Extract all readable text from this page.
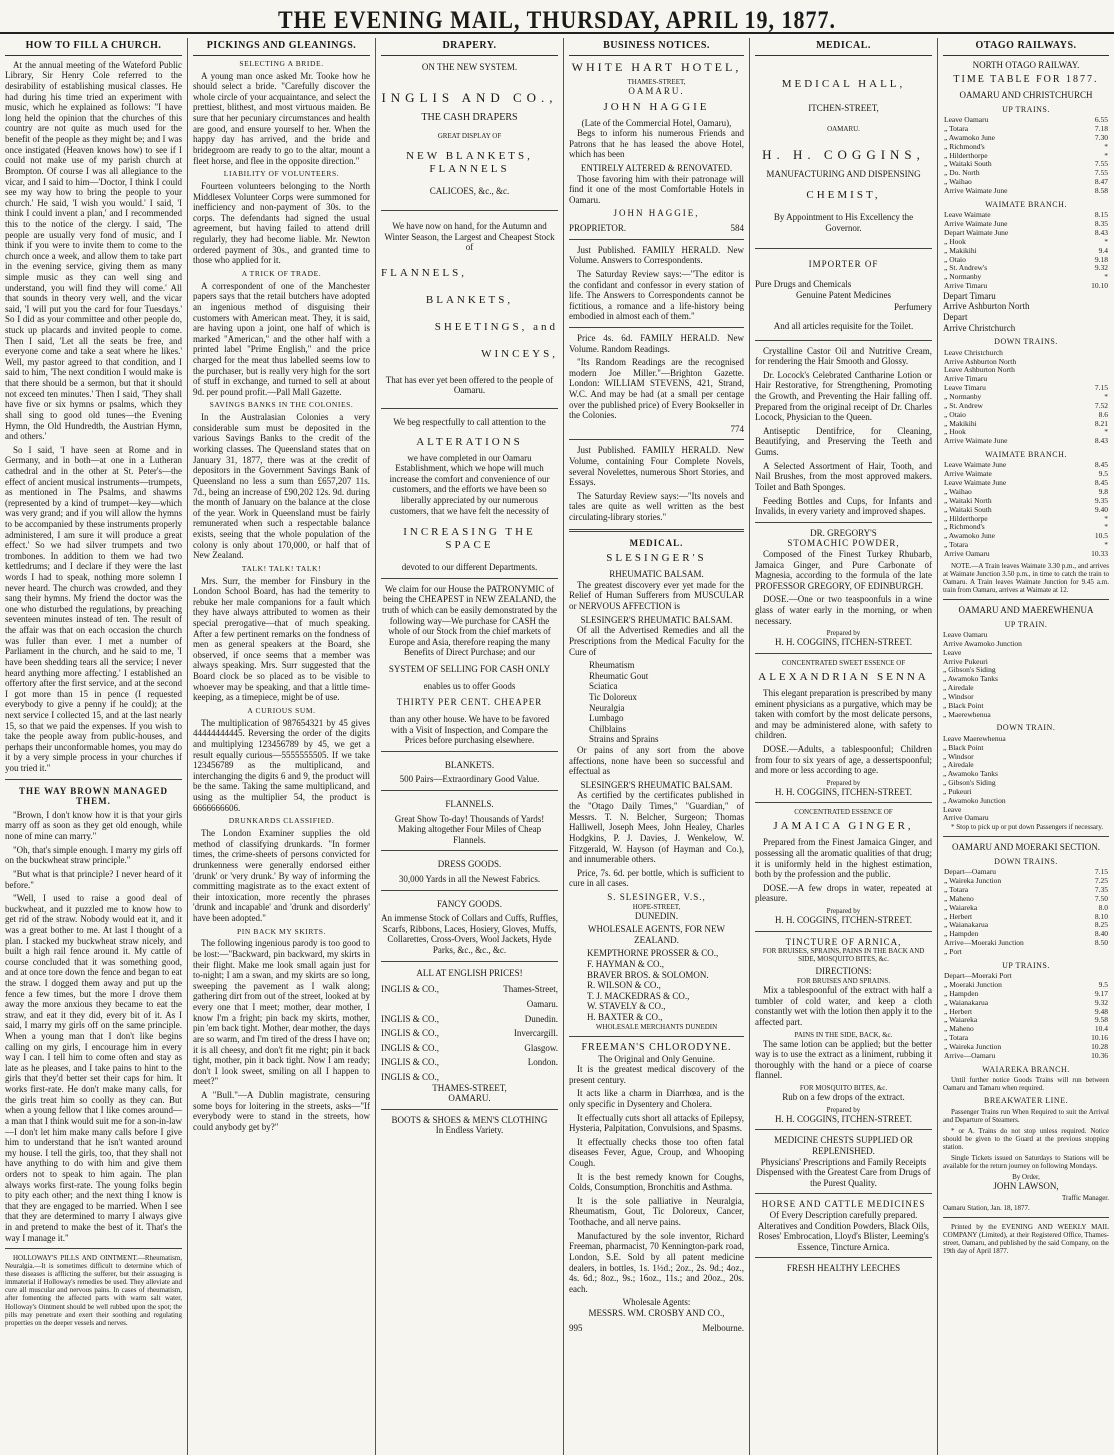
THE EVENING MAIL, THURSDAY, APRIL 19, 1877.
HOW TO FILL A CHURCH.

At the annual meeting of the Wateford Public Library, Sir Henry Cole referred to the desirability of establishing musical classes. He had during his time tried an experiment with music, which he explained as follows: "I have long held the opinion that the churches of this country are not quite as much used for the benefit of the people as they might be; and I was once instigated (Heaven knows how) to see if I could not make use of my parish church at Brompton. Of course I was all allegiance to the vicar, and I said to him—'Doctor, I think I could see my way how to bring the people to your church.' He said, 'I wish you would.' I said, 'I think I could invent a plan,' and I recommended this to the notice of the clergy. I said, 'The people are usually very fond of music, and I think if you were to invite them to come to the church once a week, and allow them to take part in the evening service, giving them as many simple music as they can well sing and understand, you will find they will come.' All that sounds in theory very well, and the vicar said, 'I will put you the card for four Tuesdays.' So I did as your committee and other people do, stuck up placards and invited people to come. Then I said, 'Let all the seats be free, and everyone come and take a seat where he likes.' Well, my pastor agreed to that condition, and I said to him, 'The next condition I would make is that there should be a sermon, but that it should not exceed ten minutes.' Then I said, 'They shall have five or six hymns or psalms, which they shall sing to good old tunes—the Evening Hymn, the Old Hundredth, the Austrian Hymn, and others.'

So I said, 'I have seen at Rome and in Germany, and in both—at one in a Lutheran cathedral and in the other at St. Peter's—the effect of ancient musical instruments—trumpets, as mentioned in The Psalms, and shawms (represented by a kind of trumpet—key—which was very grand; and if you will allow the hymns to be accompanied by these instruments properly administered, I am sure it will produce a great effect.' So we had silver trumpets and two trombones. In addition to them we had two kettledrums; and I declare if they were the last words I had to speak, nothing more solemn I never heard. The church was crowded, and they sang their hymns. My friend the doctor was the one who disturbed the regulations, by preaching seventeen minutes instead of ten. The result of the affair was that on each occasion the church was fuller than ever. I met a number of Parliament in the church, and he said to me, 'I have been shedding tears all the service; I never heard anything more affecting.' I established an offertory after the first service, and at the second I got more than 15 in pence (I requested everybody to give a penny if he could); at the next service I collected 15, and at the last nearly 15, so that we paid the expenses. If you wish to take the people away from public-houses, and perhaps their unconformable homes, you may do it by a very simple process in your churches if you tried it."

THE WAY BROWN MANAGED THEM.

"Brown, I don't know how it is that your girls marry off as soon as they get old enough, while none of mine can marry."

"Oh, that's simple enough. I marry my girls off on the buckwheat straw principle."

"But what is that principle? I never heard of it before."

"Well, I used to raise a good deal of buckwheat, and it puzzled me to know how to get rid of the straw. Nobody would eat it, and it was a great bother to me. At last I thought of a plan. I stacked my buckwheat straw nicely, and built a high rail fence around it. My cattle of course concluded that it was something good, and at once tore down the fence and began to eat the straw. I dogged them away and put up the fence a few times, but the more I drove them away the more anxious they became to eat the straw, and eat it they did, every bit of it. As I said, I marry my girls off on the same principle. When a young man that I don't like begins calling on my girls, I encourage him in every way I can. I tell him to come often and stay as late as he pleases, and I take pains to hint to the girls that they'd better set their caps for him. It works first-rate. He don't make many calls, for the girls treat him so coolly as they can. But when a young fellow that I like comes around—a man that I think would suit me for a son-in-law—I don't let him make many calls before I give him to understand that he isn't wanted around my house. I tell the girls, too, that they shall not have anything to do with him and give them orders not to speak to him again. The plan always works first-rate. The young folks begin to pity each other; and the next thing I know is that they are engaged to be married. When I see that they are determined to marry I always give in and pretend to make the best of it. That's the way I manage it."

HOLLOWAY'S PILLS AND OINTMENT.—Rheumatism, Neuralgia.—It is sometimes difficult to determine which of these diseases is afflicting the sufferer, but their assuaging is immaterial if Holloway's remedies be used. They alleviate and cure all muscular and nervous pains. In cases of rheumatism, after fomenting the affected parts with warm salt water, Holloway's Ointment should be well rubbed upon the spot; the pills may penetrate and exert their soothing and regulating properties on the deeper vessels and nerves.

PICKINGS AND GLEANINGS.
SELECTING A BRIDE.

A young man once asked Mr. Tooke how he should select a bride. "Carefully discover the whole circle of your acquaintance, and select the prettiest, blithest, and most virtuous maiden. Be sure that her pecuniary circumstances and health are good, and ensure yourself to her. When the happy day has arrived, and the bride and bridegroom are ready to go to the altar, mount a fleet horse, and flee in the opposite direction."

LIABILITY OF VOLUNTEERS.

Fourteen volunteers belonging to the North Middlesex Volunteer Corps were summoned for inefficiency and non-payment of 30s. to the corps. The defendants had signed the usual agreement, but having failed to attend drill regularly, they had become liable. Mr. Newton ordered payment of 30s., and granted time to those who applied for it.

A TRICK OF TRADE.

A correspondent of one of the Manchester papers says that the retail butchers have adopted an ingenious method of disguising their customers with American meat. They, it is said, are having upon a joint, one half of which is marked "American," and the other half with a printed label "Prime English," and the price charged for the meat thus labelled seems low to the purchaser, but is really very high for the sort of stuff in exchange, and turned to sell at about 9d. per pound profit.—Pall Mall Gazette.

SAVINGS BANKS IN THE COLONIES.

In the Australasian Colonies a very considerable sum must be deposited in the various Savings Banks to the credit of the working classes. The Queensland states that on January 31, 1877, there was at the credit of depositors in the Government Savings Bank of Queensland no less a sum than £657,207 11s. 7d., being an increase of £90,202 12s. 9d. during the month of January on the balance at the close of the year. Work in Queensland must be fairly remunerated when such a respectable balance exists, seeing that the whole population of the colony is only about 170,000, or half that of New Zealand.

TALK! TALK! TALK!

Mrs. Surr, the member for Finsbury in the London School Board, has had the temerity to rebuke her male companions for a fault which they have always attributed to women as their special prerogative—that of much speaking. After a few pertinent remarks on the fondness of men as general speakers at the Board, she observed, if once seems that a member was always speaking. Mrs. Surr suggested that the Board clock be so placed as to be visible to whoever may be speaking, and that a little time-keeping, as a timepiece, might be of use.

A CURIOUS SUM.

The multiplication of 987654321 by 45 gives 44444444445. Reversing the order of the digits and multiplying 123456789 by 45, we get a result equally curious—5555555505. If we take 123456789 as the multiplicand, and interchanging the digits 6 and 9, the product will be the same. Taking the same multiplicand, and using as the multiplier 54, the product is 6666666606.

DRUNKARDS CLASSIFIED.

The London Examiner supplies the old method of classifying drunkards. "In former times, the crime-sheets of persons convicted for drunkenness were generally endorsed either 'drunk' or 'very drunk.' By way of informing the committing magistrate as to the exact extent of their intoxication, more recently the phrases 'drunk and incapable' and 'drunk and disorderly' have been adopted."

PIN BACK MY SKIRTS.

The following ingenious parody is too good to be lost:—"Backward, pin backward, my skirts in their flight. Make me look small again just for to-night; I am a swan, and my skirts are so long, sweeping the pavement as I walk along; gathering dirt from out of the street, looked at by every one that I meet; mother, dear mother, I know I'm a fright; pin back my skirts, mother, pin 'em back tight. Mother, dear mother, the days are so warm, and I'm tired of the dress I have on; it is all cheesy, and don't fit me right; pin it back tight, mother, pin it back tight. Now I am ready; don't I look sweet, smiling on all I happen to meet?"

A "Bull."—A Dublin magistrate, censuring some boys for loitering in the streets, asks—"If everybody were to stand in the streets, how could anybody get by?"

DRAPERY.
ON THE NEW SYSTEM.
INGLIS AND CO.,
THE CASH DRAPERS
GREAT DISPLAY OF
NEW BLANKETS, FLANNELS
CALICOES, &c., &c.

We have now on hand, for the Autumn and Winter Season, the Largest and Cheapest Stock of

FLANNELS,
BLANKETS,
SHEETINGS, and
WINCEYS,

That has ever yet been offered to the people of Oamaru.

We beg respectfully to call attention to the

ALTERATIONS

we have completed in our Oamaru Establishment, which we hope will much increase the comfort and convenience of our customers, and the efforts we have been so liberally appreciated by our numerous customers, that we have felt the necessity of

INCREASING THE SPACE

devoted to our different Departments.

We claim for our House the PATRONYMIC of being the CHEAPEST in NEW ZEALAND, the truth of which can be easily demonstrated by the following way—We purchase for CASH the whole of our Stock from the chief markets of Europe and Asia, therefore reaping the many Benefits of Direct Purchase; and our

SYSTEM OF SELLING FOR CASH ONLY

enables us to offer Goods

THIRTY PER CENT. CHEAPER

than any other house. We have to be favored with a Visit of Inspection, and Compare the Prices before purchasing elsewhere.

BLANKETS.

500 Pairs—Extraordinary Good Value.

FLANNELS.

Great Show To-day! Thousands of Yards! Making altogether Four Miles of Cheap Flannels.

DRESS GOODS.

30,000 Yards in all the Newest Fabrics.

FANCY GOODS.

An immense Stock of Collars and Cuffs, Ruffles, Scarfs, Ribbons, Laces, Hosiery, Gloves, Muffs, Collarettes, Cross-Overs, Wool Jackets, Hyde Parks, &c., &c., &c.

ALL AT ENGLISH PRICES!
INGLIS & CO.,	Thames-Street,
Oamaru.
INGLIS & CO.,	Dunedin.
INGLIS & CO.,	Invercargill.
INGLIS & CO.,	Glasgow.
INGLIS & CO.,	London.
INGLIS & CO.,
THAMES-STREET,
OAMARU.
BOOTS & SHOES & MEN'S CLOTHING
In Endless Variety.
BUSINESS NOTICES.
WHITE HART HOTEL,
THAMES-STREET,
OAMARU.
JOHN HAGGIE
(Late of the Commercial Hotel, Oamaru),

Begs to inform his numerous Friends and Patrons that he has leased the above Hotel, which has been

ENTIRELY ALTERED & RENOVATED.

Those favoring him with their patronage will find it one of the most Comfortable Hotels in Oamaru.

JOHN HAGGIE,
PROPRIETOR.	584

Just Published. FAMILY HERALD. New Volume. Answers to Correspondents.

The Saturday Review says:—"The editor is the confidant and confessor in every station of life. The Answers to Correspondents cannot be fictitious, a romance and a life-history being embodied in almost each of them."

Price 4s. 6d. FAMILY HERALD. New Volume. Random Readings.

"Its Random Readings are the recognised modern Joe Miller."—Brighton Gazette. London: WILLIAM STEVENS, 421, Strand, W.C. And may be had (at a small per centage over the published price) of Every Bookseller in the Colonies.

774

Just Published. FAMILY HERALD. New Volume, containing Four Complete Novels, several Novelettes, numerous Short Stories, and Essays.

The Saturday Review says:—"Its novels and tales are quite as well written as the best circulating-library stories."

MEDICAL.
SLESINGER'S
RHEUMATIC BALSAM.

The greatest discovery ever yet made for the Relief of Human Sufferers from MUSCULAR or NERVOUS AFFECTION is

SLESINGER'S RHEUMATIC BALSAM.

Of all the Advertised Remedies and all the Prescriptions from the Medical Faculty for the Cure of

Rheumatism
Rheumatic Gout
Sciatica
Tic Doloreux
Neuralgia
Lumbago
Chilblains
Strains and Sprains

Or pains of any sort from the above affections, none have been so successful and effectual as

SLESINGER'S RHEUMATIC BALSAM.

As certified by the certificates published in the "Otago Daily Times," "Guardian," of Messrs. T. N. Belcher, Surgeon; Thomas Halliwell, Joseph Mees, John Healey, Charles Hodgkins, P. J. Davies, J. Wenkelow, W. Fitzgerald, W. Hayson (of Hayman and Co.), and innumerable others.

Price, 7s. 6d. per bottle, which is sufficient to cure in all cases.

S. SLESINGER, V.S.,
HOPE-STREET,
DUNEDIN.
WHOLESALE AGENTS, FOR NEW ZEALAND.
KEMPTHORNE PROSSER & CO.,
F. HAYMAN & CO.,
BRAVER BROS. & SOLOMON.
R. WILSON & CO.,
T. J. MACKEDRAS & CO.,
W. STAVELY & CO.,
H. BAXTER & CO.,
WHOLESALE MERCHANTS DUNEDIN
FREEMAN'S CHLORODYNE.
The Original and Only Genuine.

It is the greatest medical discovery of the present century.

It acts like a charm in Diarrhœa, and is the only specific in Dysentery and Cholera.

It effectually cuts short all attacks of Epilepsy, Hysteria, Palpitation, Convulsions, and Spasms.

It effectually checks those too often fatal diseases Fever, Ague, Croup, and Whooping Cough.

It is the best remedy known for Coughs, Colds, Consumption, Bronchitis and Asthma.

It is the sole palliative in Neuralgia, Rheumatism, Gout, Tic Doloreux, Cancer, Toothache, and all nerve pains.

Manufactured by the sole inventor, Richard Freeman, pharmacist, 70 Kennington-park road, London, S.E. Sold by all patent medicine dealers, in bottles, 1s. 1½d.; 2oz., 2s. 9d.; 4oz., 4s. 6d.; 8oz., 9s.; 16oz., 11s.; and 20oz., 20s. each.

Wholesale Agents:
MESSRS. WM. CROSBY AND CO.,
995	Melbourne.
MEDICAL.
MEDICAL HALL,
ITCHEN-STREET,
OAMARU.
H. H. COGGINS,
MANUFACTURING AND DISPENSING
CHEMIST,

By Appointment to His Excellency the Governor.

IMPORTER OF
Pure Drugs and Chemicals
Genuine Patent Medicines
Perfumery

And all articles requisite for the Toilet.

Crystalline Castor Oil and Nutritive Cream, for rendering the Hair Smooth and Glossy.

Dr. Locock's Celebrated Cantharine Lotion or Hair Restorative, for Strengthening, Promoting the Growth, and Preventing the Hair falling off. Prepared from the original receipt of Dr. Charles Locock, Physician to the Queen.

Antiseptic Dentifrice, for Cleaning, Beautifying, and Preserving the Teeth and Gums.

A Selected Assortment of Hair, Tooth, and Nail Brushes, from the most approved makers. Toilet and Bath Sponges.

Feeding Bottles and Cups, for Infants and Invalids, in every variety and improved shapes.

DR. GREGORY'S
STOMACHIC POWDER,

Composed of the Finest Turkey Rhubarb, Jamaica Ginger, and Pure Carbonate of Magnesia, according to the formula of the late PROFESSOR GREGORY, OF EDINBURGH.

DOSE.—One or two teaspoonfuls in a wine glass of water early in the morning, or when necessary.

Prepared by
H. H. COGGINS, ITCHEN-STREET.
CONCENTRATED SWEET ESSENCE OF
ALEXANDRIAN SENNA

This elegant preparation is prescribed by many eminent physicians as a purgative, which may be taken with comfort by the most delicate persons, and may be administered alone, with safety to children.

DOSE.—Adults, a tablespoonful; Children from four to six years of age, a dessertspoonful; and more or less according to age.

Prepared by
H. H. COGGINS, ITCHEN-STREET.
CONCENTRATED ESSENCE OF
JAMAICA GINGER,

Prepared from the Finest Jamaica Ginger, and possessing all the aromatic qualities of that drug; it is uniformly held in the highest estimation, both by the profession and the public.

DOSE.—A few drops in water, repeated at pleasure.

Prepared by
H. H. COGGINS, ITCHEN-STREET.
TINCTURE OF ARNICA,
FOR BRUISES, SPRAINS, PAINS IN THE BACK AND SIDE, MOSQUITO BITES, &c.
DIRECTIONS:
FOR BRUISES AND SPRAINS.

Mix a tablespoonful of the extract with half a tumbler of cold water, and keep a cloth constantly wet with the lotion then apply it to the affected part.

PAINS IN THE SIDE, BACK, &c.

The same lotion can be applied; but the better way is to use the extract as a liniment, rubbing it thoroughly with the hand or a piece of coarse flannel.

FOR MOSQUITO BITES, &c.

Rub on a few drops of the extract.

Prepared by
H. H. COGGINS, ITCHEN-STREET.
MEDICINE CHESTS SUPPLIED OR REPLENISHED.

Physicians' Prescriptions and Family Receipts Dispensed with the Greatest Care from Drugs of the Purest Quality.

HORSE AND CATTLE MEDICINES

Of Every Description carefully prepared. Alteratives and Condition Powders, Black Oils, Roses' Embrocation, Lloyd's Blister, Leeming's Essence, Tincture Arnica.

FRESH HEALTHY LEECHES
OTAGO RAILWAYS.
NORTH OTAGO RAILWAY.
TIME TABLE FOR 1877.
OAMARU AND CHRISTCHURCH
UP TRAINS.
Leave Oamaru	6.55
„ Totara	7.18
„ Awamoko June	7.30
„ Richmond's	*
„ Hilderthorpe	*
„ Waitaki South	7.55
„ Do. North	7.55
„ Waihao	8.47
Arrive Waimate June	8.58
WAIMATE BRANCH.
Leave Waimate	8.15
Arrive Waimate June	8.35
Depart Waimate June	8.43
„ Hook	*
„ Makikihi	9.4
„ Otaio	9.18
„ St. Andrew's	9.32
„ Normanby	*
Arrive Timaru	10.10
Depart Timaru
Arrive Ashburton North
Depart
Arrive Christchurch
DOWN TRAINS.
Leave Christchurch	
Arrive Ashburton North	
Leave Ashburton North	
Arrive Timaru	
Leave Timaru	7.15
„ Normanby	*
„ St. Andrew	7.52
„ Otaio	8.6
„ Makikihi	8.21
„ Hook	*
Arrive Waimate June	8.43
WAIMATE BRANCH.
Leave Waimate June	8.45
Arrive Waimate	9.5
Leave Waimate June	8.45
„ Waihao	9.8
„ Waitaki North	9.35
„ Waitaki South	9.40
„ Hilderthorpe	*
„ Richmond's	*
„ Awamoko June	10.5
„ Totara	*
Arrive Oamaru	10.33

NOTE.—A Train leaves Waimate 3.30 p.m., and arrives at Waimate Junction 3.50 p.m., in time to catch the train to Oamaru. A Train leaves Waimate Junction for 9.45 a.m. train from Oamaru, arrives at Waimate at 12.

OAMARU AND MAEREWHENUA
UP TRAIN.
Leave Oamaru
Arrive Awamoko Junction
Leave
Arrive Pukeuri
„ Gibson's Siding
„ Awamoko Tanks
„ Airedale
„ Windsor
„ Black Point
„ Maerewhenua
DOWN TRAIN.
Leave Maerewhenua
„ Black Point
„ Windsor
„ Airedale
„ Awamoko Tanks
„ Gibson's Siding
„ Pukeuri
„ Awamoko Junction
Leave
Arrive Oamaru

* Stop to pick up or put down Passengers if necessary.

OAMARU AND MOERAKI SECTION.
DOWN TRAINS.
Depart—Oamaru	7.15
„ Waireka Junction	7.25
„ Totara	7.35
„ Maheno	7.50
„ Waiareka	8.0
„ Herbert	8.10
„ Waianakarua	8.25
„ Hampden	8.40
Arrive—Moeraki Junction	8.50
„ Port	
UP TRAINS.
Depart—Moeraki Port	
„ Moeraki Junction	9.5
„ Hampden	9.17
„ Waianakarua	9.32
„ Herbert	9.48
„ Waiareka	9.58
„ Maheno	10.4
„ Totara	10.16
„ Waireka Junction	10.28
Arrive—Oamaru	10.36
WAIAREKA BRANCH.

Until further notice Goods Trains will run between Oamaru and Tamaru when required.

BREAKWATER LINE.

Passenger Trains run When Required to suit the Arrival and Departure of Steamers.

* or A. Trains do not stop unless required. Notice should be given to the Guard at the previous stopping station.

Single Tickets issued on Saturdays to Stations will be available for the return journey on following Mondays.

By Order,
JOHN LAWSON,
Traffic Manager.
Oamaru Station, Jan. 18, 1877.

Printed by the EVENING AND WEEKLY MAIL COMPANY (Limited), at their Registered Office, Thames-street, Oamaru, and published by the said Company, on the 19th day of April 1877.
